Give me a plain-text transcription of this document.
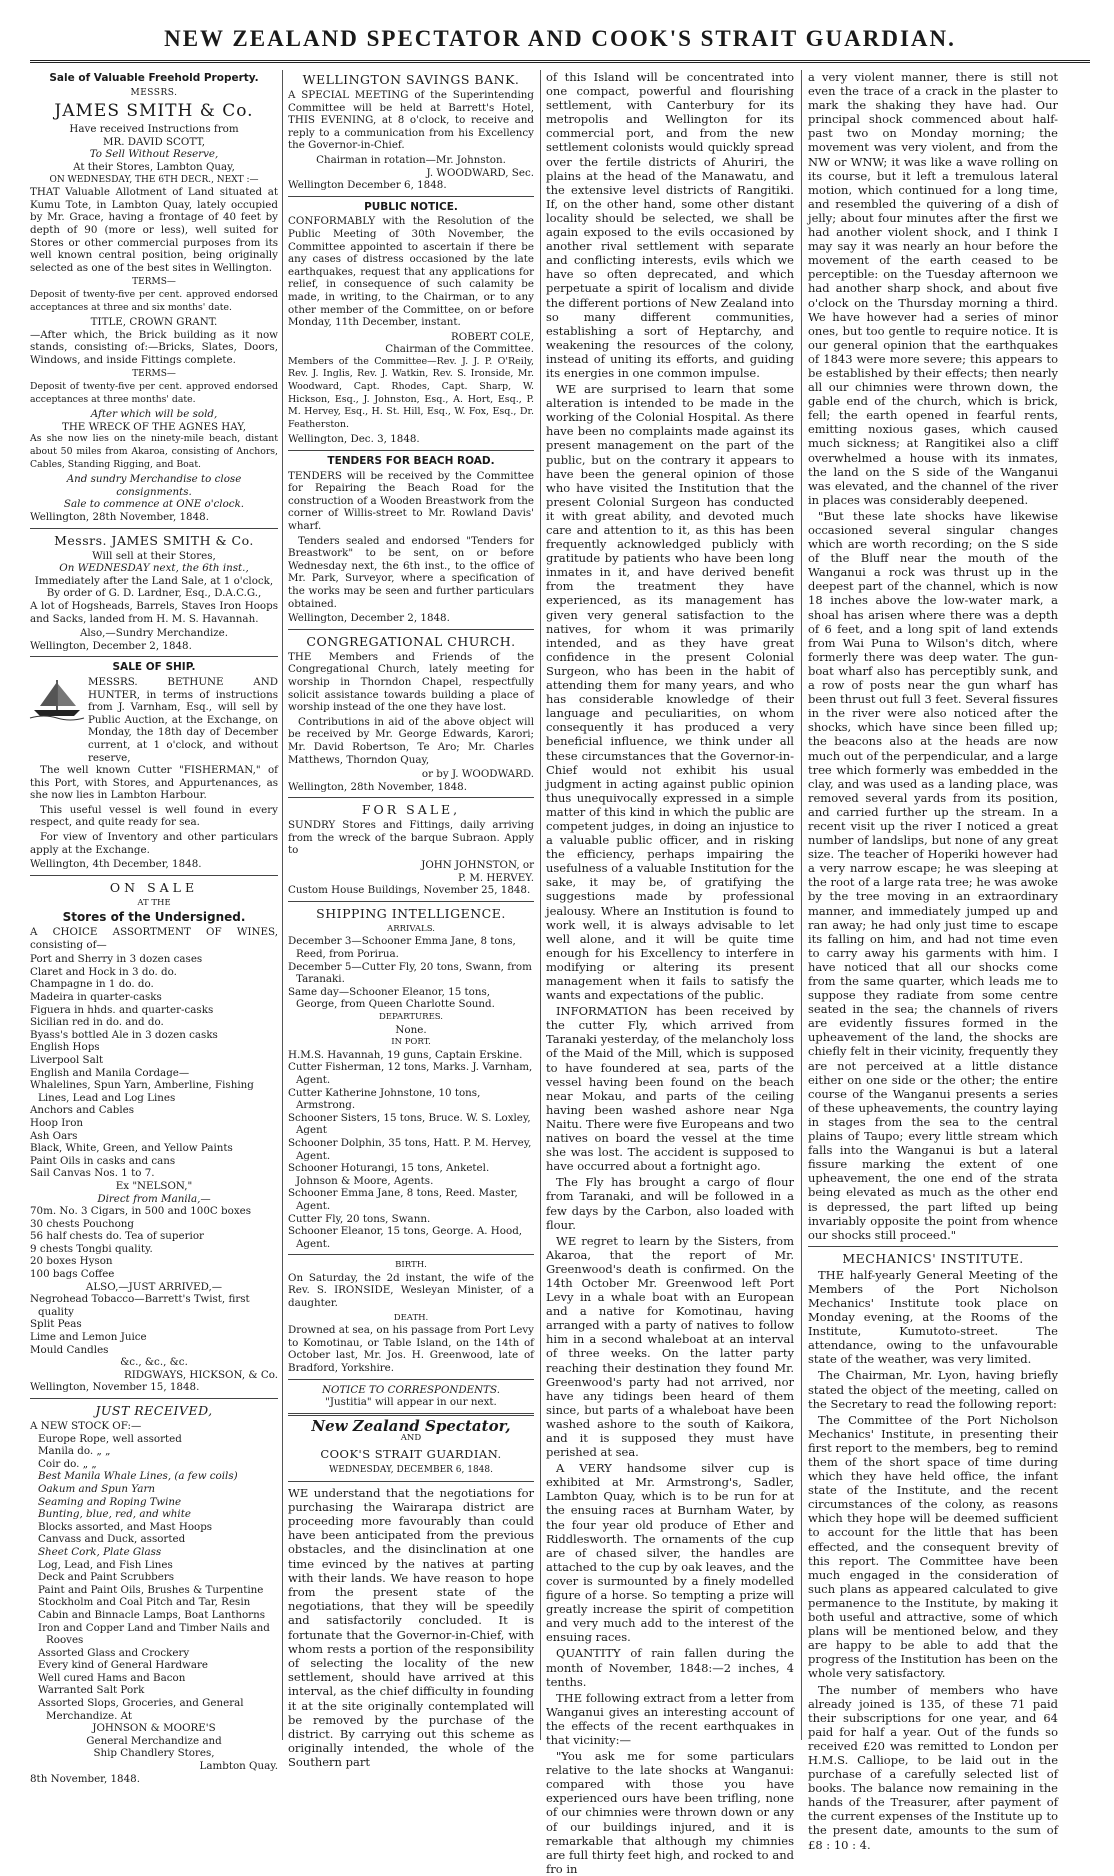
NEW ZEALAND SPECTATOR AND COOK'S STRAIT GUARDIAN.
Sale of Valuable Freehold Property.
MESSRS.
JAMES SMITH & Co.
Have received Instructions from
MR. DAVID SCOTT,
To Sell Without Reserve,
At their Stores, Lambton Quay,
ON WEDNESDAY, THE 6TH DECR., NEXT :—

THAT Valuable Allotment of Land situated at Kumu Tote, in Lambton Quay, lately occupied by Mr. Grace, having a frontage of 40 feet by depth of 90 (more or less), well suited for Stores or other commercial purposes from its well known central position, being originally selected as one of the best sites in Wellington.

TERMS—

Deposit of twenty-five per cent. approved endorsed acceptances at three and six months' date.

TITLE, CROWN GRANT.

—After which, the Brick building as it now stands, consisting of:—Bricks, Slates, Doors, Windows, and inside Fittings complete.

TERMS—

Deposit of twenty-five per cent. approved endorsed acceptances at three months' date.

After which will be sold,
THE WRECK OF THE AGNES HAY,

As she now lies on the ninety-mile beach, distant about 50 miles from Akaroa, consisting of Anchors, Cables, Standing Rigging, and Boat.

And sundry Merchandise to close consignments.
Sale to commence at ONE o'clock.
Wellington, 28th November, 1848.
Messrs. JAMES SMITH & Co.
Will sell at their Stores,
On WEDNESDAY next, the 6th inst.,
Immediately after the Land Sale, at 1 o'clock,
By order of G. D. Lardner, Esq., D.A.C.G.,

A lot of Hogsheads, Barrels, Staves Iron Hoops and Sacks, landed from H. M. S. Havannah.

Also,—Sundry Merchandize.
Wellington, December 2, 1848.
SALE OF SHIP.

MESSRS. BETHUNE AND HUNTER, in terms of instructions from J. Varnham, Esq., will sell by Public Auction, at the Exchange, on Monday, the 18th day of December current, at 1 o'clock, and without reserve,

The well known Cutter "FISHERMAN," of this Port, with Stores, and Appurtenances, as she now lies in Lambton Harbour.

This useful vessel is well found in every respect, and quite ready for sea.

For view of Inventory and other particulars apply at the Exchange.

Wellington, 4th December, 1848.
ON SALE
AT THE
Stores of the Undersigned.

A CHOICE ASSORTMENT OF WINES, consisting of—

Port and Sherry in 3 dozen cases
Claret and Hock in 3 do. do.
Champagne in 1 do. do.
Madeira in quarter-casks
Figuera in hhds. and quarter-casks
Sicilian red in do. and do.
Byass's bottled Ale in 3 dozen casks
English Hops
Liverpool Salt
English and Manila Cordage—
Whalelines, Spun Yarn, Amberline, Fishing Lines, Lead and Log Lines
Anchors and Cables
Hoop Iron
Ash Oars
Black, White, Green, and Yellow Paints
Paint Oils in casks and cans
Sail Canvas Nos. 1 to 7.
Ex "NELSON,"
Direct from Manila,—
70m. No. 3 Cigars, in 500 and 100C boxes
30 chests Pouchong
56 half chests do. Tea of superior
9 chests Tongbi quality.
20 boxes Hyson
100 bags Coffee
ALSO,—JUST ARRIVED,—
Negrohead Tobacco—Barrett's Twist, first quality
Split Peas
Lime and Lemon Juice
Mould Candles
&c., &c., &c.
RIDGWAYS, HICKSON, & Co.
Wellington, November 15, 1848.
JUST RECEIVED,
A NEW STOCK OF:—
Europe Rope, well assorted
Manila do. „ „
Coir do. „ „
Best Manila Whale Lines, (a few coils)
Oakum and Spun Yarn
Seaming and Roping Twine
Bunting, blue, red, and white
Blocks assorted, and Mast Hoops
Canvass and Duck, assorted
Sheet Cork, Plate Glass
Log, Lead, and Fish Lines
Deck and Paint Scrubbers
Paint and Paint Oils, Brushes & Turpentine
Stockholm and Coal Pitch and Tar, Resin
Cabin and Binnacle Lamps, Boat Lanthorns
Iron and Copper Land and Timber Nails and Rooves
Assorted Glass and Crockery
Every kind of General Hardware
Well cured Hams and Bacon
Warranted Salt Pork
Assorted Slops, Groceries, and General Merchandize. At
JOHNSON & MOORE'S
General Merchandize and
Ship Chandlery Stores,
Lambton Quay.
8th November, 1848.
WELLINGTON SAVINGS BANK.

A SPECIAL MEETING of the Superintending Committee will be held at Barrett's Hotel, THIS EVENING, at 8 o'clock, to receive and reply to a communication from his Excellency the Governor-in-Chief.

Chairman in rotation—Mr. Johnston.
J. WOODWARD, Sec.
Wellington December 6, 1848.
PUBLIC NOTICE.

CONFORMABLY with the Resolution of the Public Meeting of 30th November, the Committee appointed to ascertain if there be any cases of distress occasioned by the late earthquakes, request that any applications for relief, in consequence of such calamity be made, in writing, to the Chairman, or to any other member of the Committee, on or before Monday, 11th December, instant.

ROBERT COLE,
Chairman of the Committee.

Members of the Committee—Rev. J. J. P. O'Reily, Rev. J. Inglis, Rev. J. Watkin, Rev. S. Ironside, Mr. Woodward, Capt. Rhodes, Capt. Sharp, W. Hickson, Esq., J. Johnston, Esq., A. Hort, Esq., P. M. Hervey, Esq., H. St. Hill, Esq., W. Fox, Esq., Dr. Featherston.

Wellington, Dec. 3, 1848.
TENDERS FOR BEACH ROAD.

TENDERS will be received by the Committee for Repairing the Beach Road for the construction of a Wooden Breastwork from the corner of Willis-street to Mr. Rowland Davis' wharf.

Tenders sealed and endorsed "Tenders for Breastwork" to be sent, on or before Wednesday next, the 6th inst., to the office of Mr. Park, Surveyor, where a specification of the works may be seen and further particulars obtained.

Wellington, December 2, 1848.
CONGREGATIONAL CHURCH.

THE Members and Friends of the Congregational Church, lately meeting for worship in Thorndon Chapel, respectfully solicit assistance towards building a place of worship instead of the one they have lost.

Contributions in aid of the above object will be received by Mr. George Edwards, Karori; Mr. David Robertson, Te Aro; Mr. Charles Matthews, Thorndon Quay,

or by J. WOODWARD.
Wellington, 28th November, 1848.
FOR SALE,

SUNDRY Stores and Fittings, daily arriving from the wreck of the barque Subraon. Apply to

JOHN JOHNSTON, or
P. M. HERVEY.
Custom House Buildings, November 25, 1848.
SHIPPING INTELLIGENCE.
ARRIVALS.
December 3—Schooner Emma Jane, 8 tons, Reed, from Porirua.
December 5—Cutter Fly, 20 tons, Swann, from Taranaki.
Same day—Schooner Eleanor, 15 tons, George, from Queen Charlotte Sound.
DEPARTURES.
None.
IN PORT.
H.M.S. Havannah, 19 guns, Captain Erskine.
Cutter Fisherman, 12 tons, Marks. J. Varnham, Agent.
Cutter Katherine Johnstone, 10 tons, Armstrong.
Schooner Sisters, 15 tons, Bruce. W. S. Loxley, Agent
Schooner Dolphin, 35 tons, Hatt. P. M. Hervey, Agent.
Schooner Hoturangi, 15 tons, Anketel. Johnson & Moore, Agents.
Schooner Emma Jane, 8 tons, Reed. Master, Agent.
Cutter Fly, 20 tons, Swann.
Schooner Eleanor, 15 tons, George. A. Hood, Agent.
BIRTH.

On Saturday, the 2d instant, the wife of the Rev. S. IRONSIDE, Wesleyan Minister, of a daughter.

DEATH.

Drowned at sea, on his passage from Port Levy to Komotinau, or Table Island, on the 14th of October last, Mr. Jos. H. Greenwood, late of Bradford, Yorkshire.

NOTICE TO CORRESPONDENTS.
"Justitia" will appear in our next.
New Zealand Spectator,
AND
COOK'S STRAIT GUARDIAN.
WEDNESDAY, DECEMBER 6, 1848.

WE understand that the negotiations for purchasing the Wairarapa district are proceeding more favourably than could have been anticipated from the previous obstacles, and the disinclination at one time evinced by the natives at parting with their lands. We have reason to hope from the present state of the negotiations, that they will be speedily and satisfactorily concluded. It is fortunate that the Governor-in-Chief, with whom rests a portion of the responsibility of selecting the locality of the new settlement, should have arrived at this interval, as the chief difficulty in founding it at the site originally contemplated will be removed by the purchase of the district. By carrying out this scheme as originally intended, the whole of the Southern part

of this Island will be concentrated into one compact, powerful and flourishing settlement, with Canterbury for its metropolis and Wellington for its commercial port, and from the new settlement colonists would quickly spread over the fertile districts of Ahuriri, the plains at the head of the Manawatu, and the extensive level districts of Rangitiki. If, on the other hand, some other distant locality should be selected, we shall be again exposed to the evils occasioned by another rival settlement with separate and conflicting interests, evils which we have so often deprecated, and which perpetuate a spirit of localism and divide the different portions of New Zealand into so many different communities, establishing a sort of Heptarchy, and weakening the resources of the colony, instead of uniting its efforts, and guiding its energies in one common impulse.

WE are surprised to learn that some alteration is intended to be made in the working of the Colonial Hospital. As there have been no complaints made against its present management on the part of the public, but on the contrary it appears to have been the general opinion of those who have visited the Institution that the present Colonial Surgeon has conducted it with great ability, and devoted much care and attention to it, as this has been frequently acknowledged publicly with gratitude by patients who have been long inmates in it, and have derived benefit from the treatment they have experienced, as its management has given very general satisfaction to the natives, for whom it was primarily intended, and as they have great confidence in the present Colonial Surgeon, who has been in the habit of attending them for many years, and who has considerable knowledge of their language and peculiarities, on whom consequently it has produced a very beneficial influence, we think under all these circumstances that the Governor-in-Chief would not exhibit his usual judgment in acting against public opinion thus unequivocally expressed in a simple matter of this kind in which the public are competent judges, in doing an injustice to a valuable public officer, and in risking the efficiency, perhaps impairing the usefulness of a valuable Institution for the sake, it may be, of gratifying the suggestions made by professional jealousy. Where an Institution is found to work well, it is always advisable to let well alone, and it will be quite time enough for his Excellency to interfere in modifying or altering its present management when it fails to satisfy the wants and expectations of the public.

INFORMATION has been received by the cutter Fly, which arrived from Taranaki yesterday, of the melancholy loss of the Maid of the Mill, which is supposed to have foundered at sea, parts of the vessel having been found on the beach near Mokau, and parts of the ceiling having been washed ashore near Nga Naitu. There were five Europeans and two natives on board the vessel at the time she was lost. The accident is supposed to have occurred about a fortnight ago.

The Fly has brought a cargo of flour from Taranaki, and will be followed in a few days by the Carbon, also loaded with flour.

WE regret to learn by the Sisters, from Akaroa, that the report of Mr. Greenwood's death is confirmed. On the 14th October Mr. Greenwood left Port Levy in a whale boat with an European and a native for Komotinau, having arranged with a party of natives to follow him in a second whaleboat at an interval of three weeks. On the latter party reaching their destination they found Mr. Greenwood's party had not arrived, nor have any tidings been heard of them since, but parts of a whaleboat have been washed ashore to the south of Kaikora, and it is supposed they must have perished at sea.

A VERY handsome silver cup is exhibited at Mr. Armstrong's, Sadler, Lambton Quay, which is to be run for at the ensuing races at Burnham Water, by the four year old produce of Ether and Riddlesworth. The ornaments of the cup are of chased silver, the handles are attached to the cup by oak leaves, and the cover is surmounted by a finely modelled figure of a horse. So tempting a prize will greatly increase the spirit of competition and very much add to the interest of the ensuing races.

QUANTITY of rain fallen during the month of November, 1848:—2 inches, 4 tenths.

THE following extract from a letter from Wanganui gives an interesting account of the effects of the recent earthquakes in that vicinity:—

"You ask me for some particulars relative to the late shocks at Wanganui: compared with those you have experienced ours have been trifling, none of our chimnies were thrown down or any of our buildings injured, and it is remarkable that although my chimnies are full thirty feet high, and rocked to and fro in

a very violent manner, there is still not even the trace of a crack in the plaster to mark the shaking they have had. Our principal shock commenced about half-past two on Monday morning; the movement was very violent, and from the NW or WNW; it was like a wave rolling on its course, but it left a tremulous lateral motion, which continued for a long time, and resembled the quivering of a dish of jelly; about four minutes after the first we had another violent shock, and I think I may say it was nearly an hour before the movement of the earth ceased to be perceptible: on the Tuesday afternoon we had another sharp shock, and about five o'clock on the Thursday morning a third. We have however had a series of minor ones, but too gentle to require notice. It is our general opinion that the earthquakes of 1843 were more severe; this appears to be established by their effects; then nearly all our chimnies were thrown down, the gable end of the church, which is brick, fell; the earth opened in fearful rents, emitting noxious gases, which caused much sickness; at Rangitikei also a cliff overwhelmed a house with its inmates, the land on the S side of the Wanganui was elevated, and the channel of the river in places was considerably deepened.

"But these late shocks have likewise occasioned several singular changes which are worth recording; on the S side of the Bluff near the mouth of the Wanganui a rock was thrust up in the deepest part of the channel, which is now 18 inches above the low-water mark, a shoal has arisen where there was a depth of 6 feet, and a long spit of land extends from Wai Puna to Wilson's ditch, where formerly there was deep water. The gun-boat wharf also has perceptibly sunk, and a row of posts near the gun wharf has been thrust out full 3 feet. Several fissures in the river were also noticed after the shocks, which have since been filled up; the beacons also at the heads are now much out of the perpendicular, and a large tree which formerly was embedded in the clay, and was used as a landing place, was removed several yards from its position, and carried further up the stream. In a recent visit up the river I noticed a great number of landslips, but none of any great size. The teacher of Hoperiki however had a very narrow escape; he was sleeping at the root of a large rata tree; he was awoke by the tree moving in an extraordinary manner, and immediately jumped up and ran away; he had only just time to escape its falling on him, and had not time even to carry away his garments with him. I have noticed that all our shocks come from the same quarter, which leads me to suppose they radiate from some centre seated in the sea; the channels of rivers are evidently fissures formed in the upheavement of the land, the shocks are chiefly felt in their vicinity, frequently they are not perceived at a little distance either on one side or the other; the entire course of the Wanganui presents a series of these upheavements, the country laying in stages from the sea to the central plains of Taupo; every little stream which falls into the Wanganui is but a lateral fissure marking the extent of one upheavement, the one end of the strata being elevated as much as the other end is depressed, the part lifted up being invariably opposite the point from whence our shocks still proceed."

MECHANICS' INSTITUTE.

THE half-yearly General Meeting of the Members of the Port Nicholson Mechanics' Institute took place on Monday evening, at the Rooms of the Institute, Kumutoto-street. The attendance, owing to the unfavourable state of the weather, was very limited.

The Chairman, Mr. Lyon, having briefly stated the object of the meeting, called on the Secretary to read the following report:

The Committee of the Port Nicholson Mechanics' Institute, in presenting their first report to the members, beg to remind them of the short space of time during which they have held office, the infant state of the Institute, and the recent circumstances of the colony, as reasons which they hope will be deemed sufficient to account for the little that has been effected, and the consequent brevity of this report. The Committee have been much engaged in the consideration of such plans as appeared calculated to give permanence to the Institute, by making it both useful and attractive, some of which plans will be mentioned below, and they are happy to be able to add that the progress of the Institution has been on the whole very satisfactory.

The number of members who have already joined is 135, of these 71 paid their subscriptions for one year, and 64 paid for half a year. Out of the funds so received £20 was remitted to London per H.M.S. Calliope, to be laid out in the purchase of a carefully selected list of books. The balance now remaining in the hands of the Treasurer, after payment of the current expenses of the Institute up to the present date, amounts to the sum of £8 : 10 : 4.
